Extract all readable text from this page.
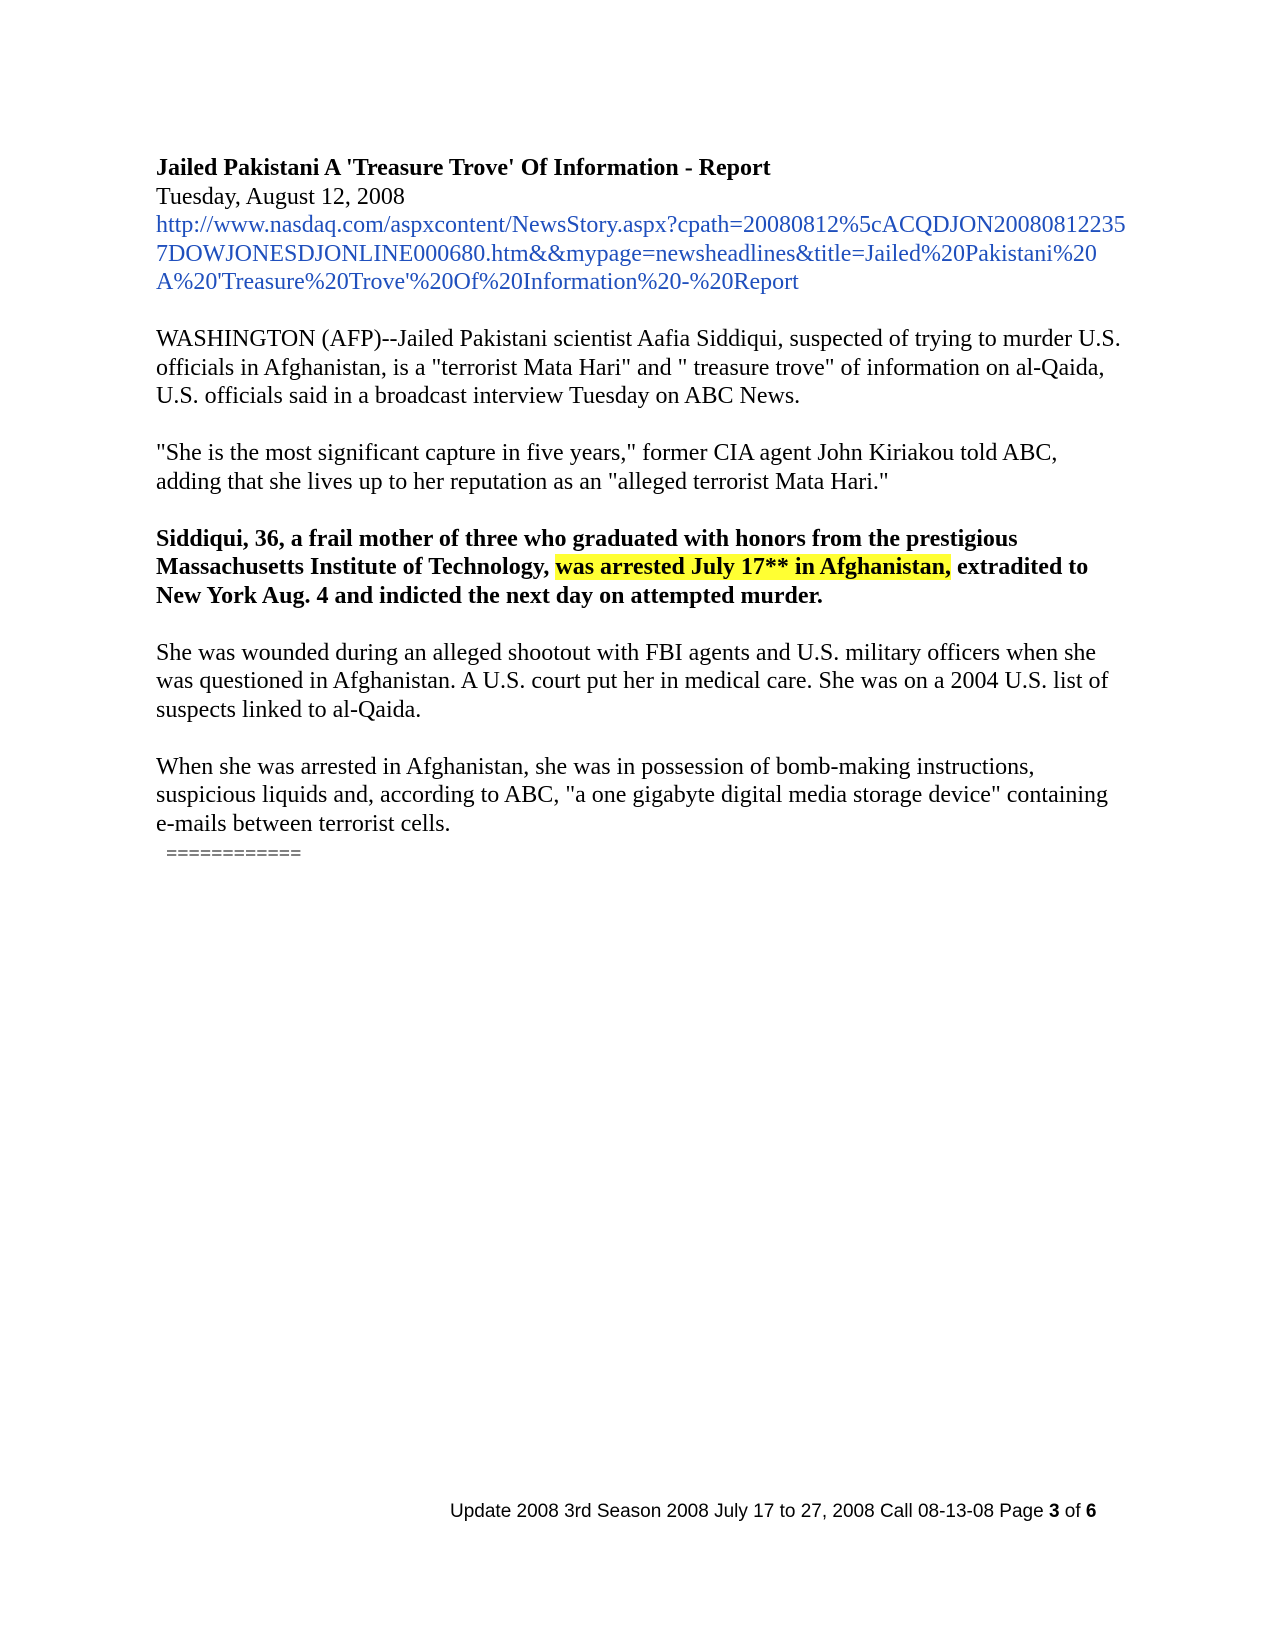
Jailed Pakistani A 'Treasure Trove' Of Information - Report

Tuesday, August 12, 2008

http://www.nasdaq.com/aspxcontent/NewsStory.aspx?cpath=20080812%5cACQDJON200808122357DOWJONESDJONLINE000680.htm&&mypage=newsheadlines&title=Jailed%20Pakistani%20A%20'Treasure%20Trove'%20Of%20Information%20-%20Report

WASHINGTON (AFP)--Jailed Pakistani scientist Aafia Siddiqui, suspected of trying to murder U.S. officials in Afghanistan, is a "terrorist Mata Hari" and " treasure trove" of information on al-Qaida, U.S. officials said in a broadcast interview Tuesday on ABC News.

"She is the most significant capture in five years," former CIA agent John Kiriakou told ABC, adding that she lives up to her reputation as an "alleged terrorist Mata Hari."

Siddiqui, 36, a frail mother of three who graduated with honors from the prestigious Massachusetts Institute of Technology, was arrested July 17** in Afghanistan, extradited to New York Aug. 4 and indicted the next day on attempted murder.

She was wounded during an alleged shootout with FBI agents and U.S. military officers when she was questioned in Afghanistan. A U.S. court put her in medical care. She was on a 2004 U.S. list of suspects linked to al-Qaida.

When she was arrested in Afghanistan, she was in possession of bomb-making instructions, suspicious liquids and, according to ABC, "a one gigabyte digital media storage device" containing e-mails between terrorist cells.

============
Update 2008 3rd Season 2008 July 17 to 27, 2008 Call 08-13-08 Page 3 of 6
